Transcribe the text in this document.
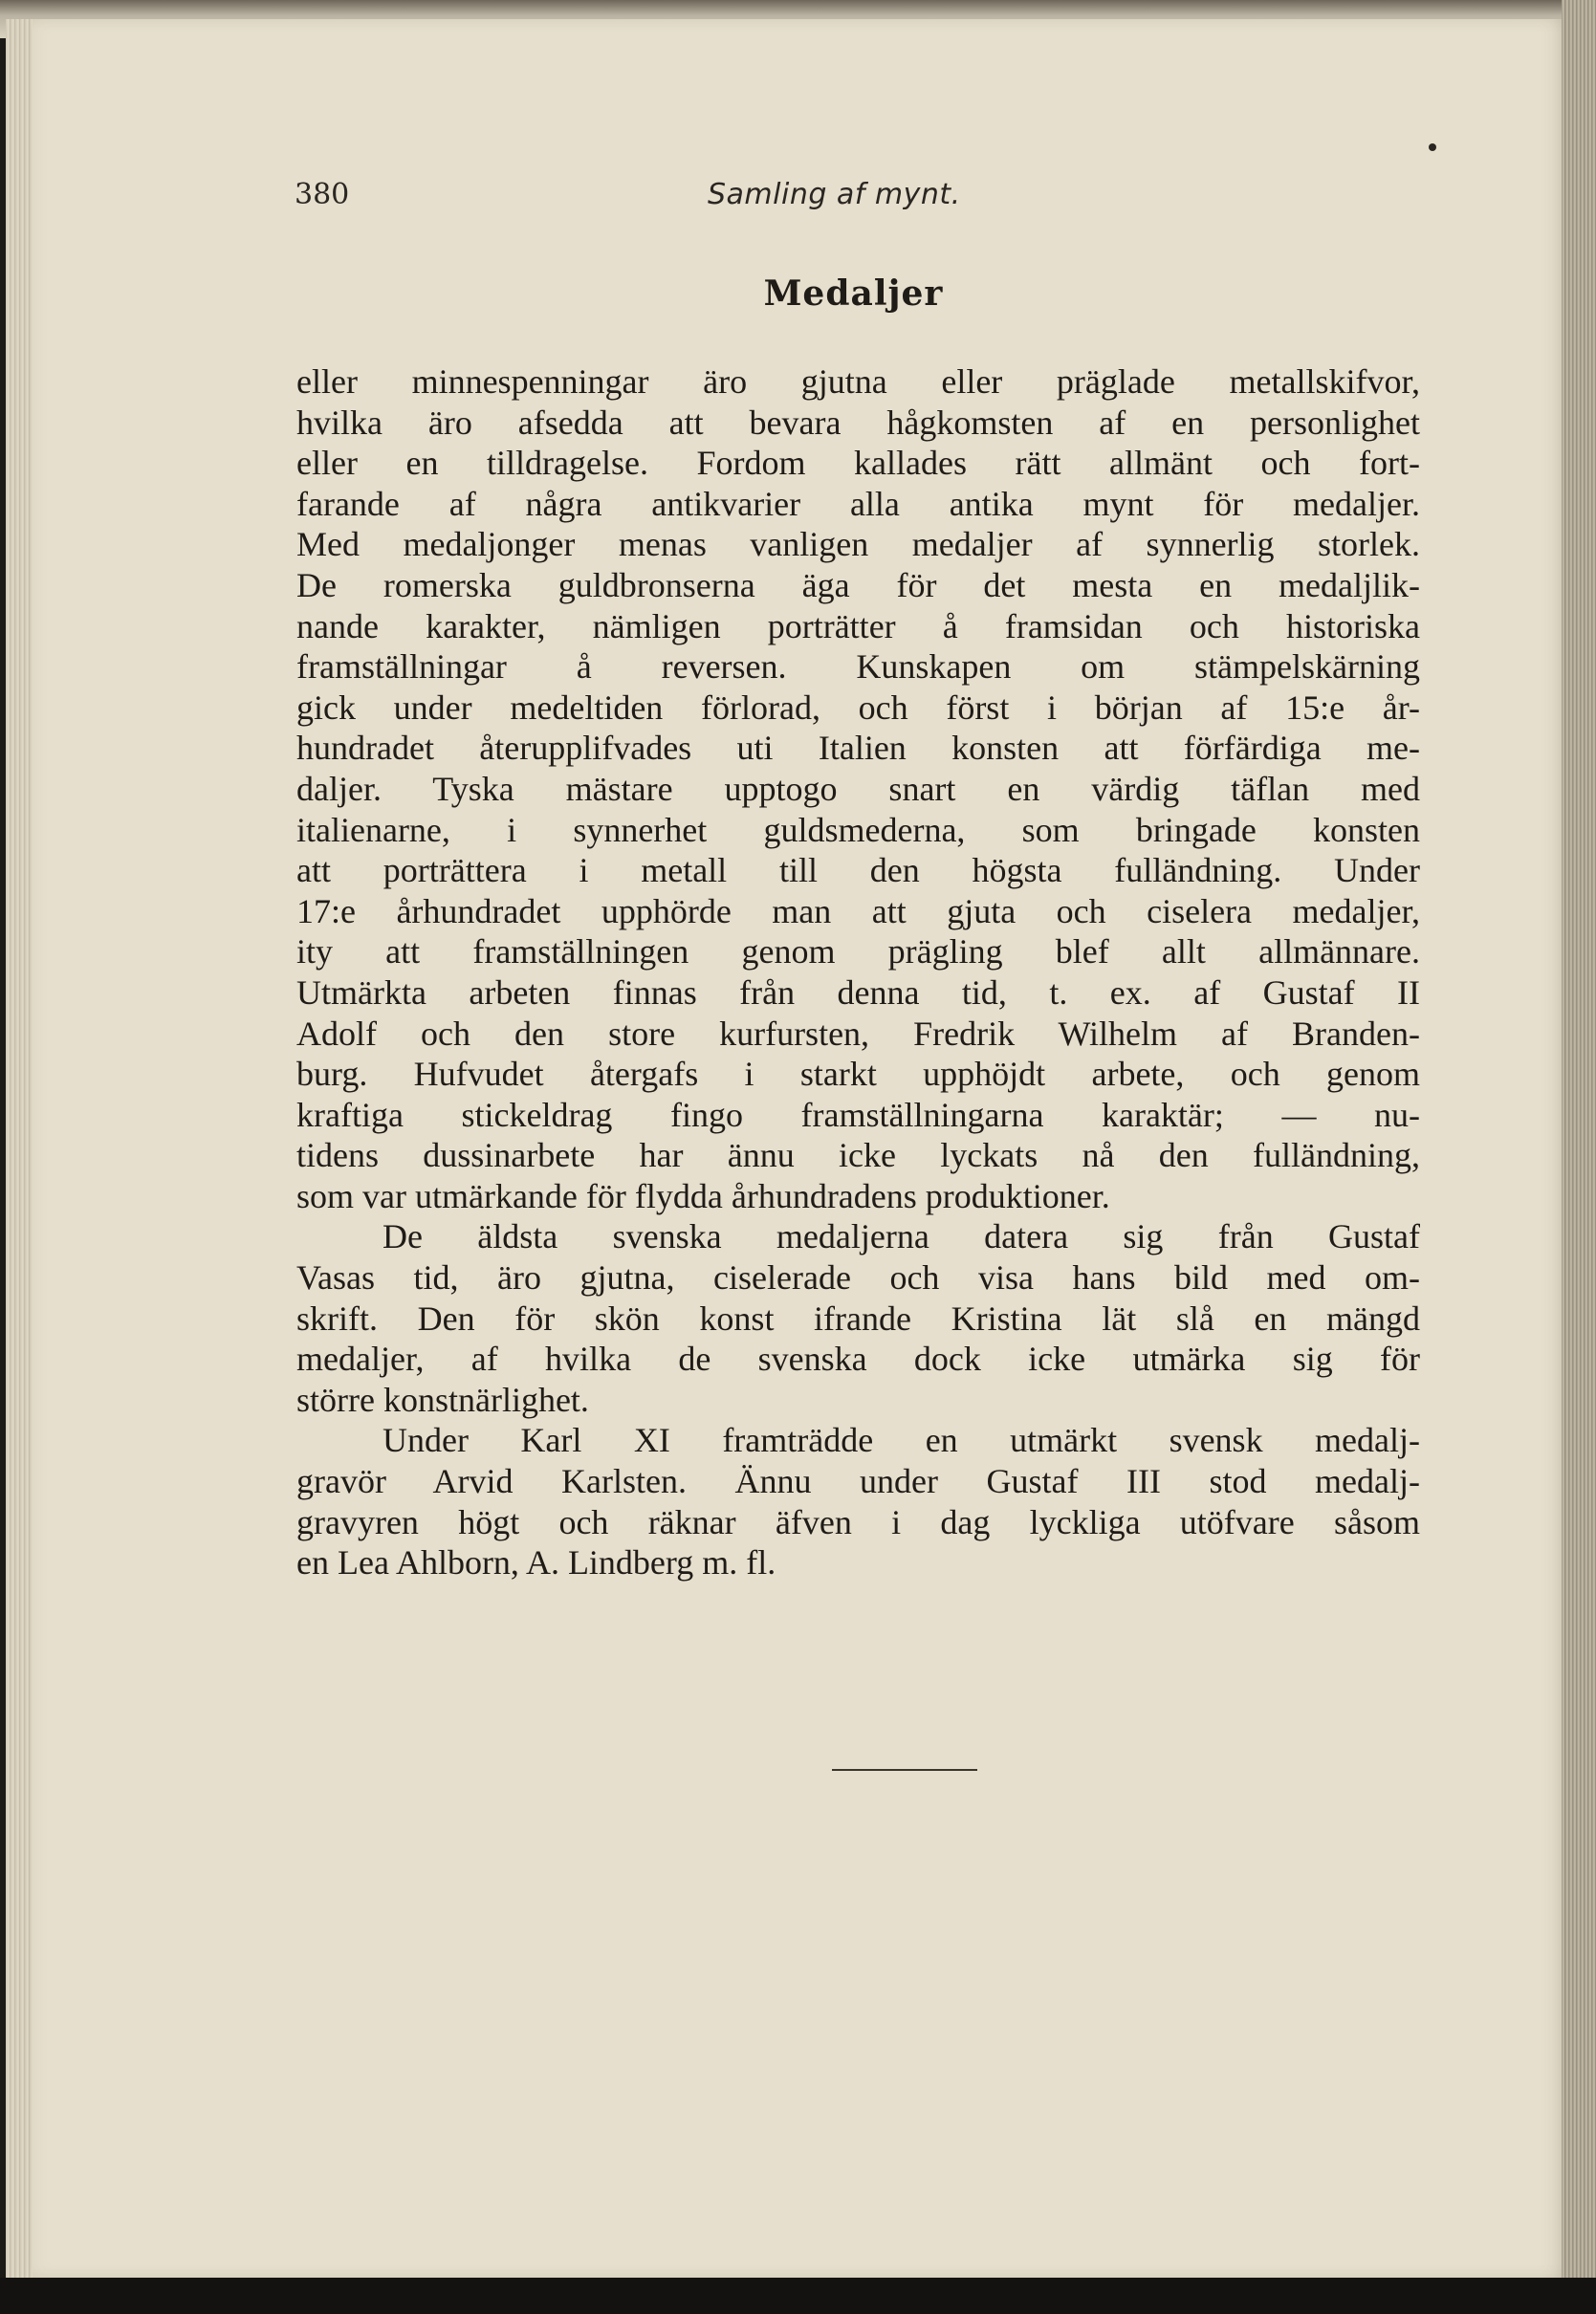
380	Samling af mynt.
Medaljer
eller minnespenningar äro gjutna eller präglade metallskifvor,
hvilka äro afsedda att bevara hågkomsten af en personlighet
eller en tilldragelse. Fordom kallades rätt allmänt och fort-
farande af några antikvarier alla antika mynt för medaljer.
Med medaljonger menas vanligen medaljer af synnerlig storlek.
De romerska guldbronserna äga för det mesta en medaljlik-
nande karakter, nämligen porträtter å framsidan och historiska
framställningar å reversen. Kunskapen om stämpelskärning
gick under medeltiden förlorad, och först i början af 15:e år-
hundradet återupplifvades uti Italien konsten att förfärdiga me-
daljer. Tyska mästare upptogo snart en värdig täflan med
italienarne, i synnerhet guldsmederna, som bringade konsten
att porträttera i metall till den högsta fulländning. Under
17:e århundradet upphörde man att gjuta och ciselera medaljer,
ity att framställningen genom prägling blef allt allmännare.
Utmärkta arbeten finnas från denna tid, t. ex. af Gustaf II
Adolf och den store kurfursten, Fredrik Wilhelm af Branden-
burg. Hufvudet återgafs i starkt upphöjdt arbete, och genom
kraftiga stickeldrag fingo framställningarna karaktär; — nu-
tidens dussinarbete har ännu icke lyckats nå den fulländning,
som var utmärkande för flydda århundradens produktioner.
De äldsta svenska medaljerna datera sig från Gustaf
Vasas tid, äro gjutna, ciselerade och visa hans bild med om-
skrift. Den för skön konst ifrande Kristina lät slå en mängd
medaljer, af hvilka de svenska dock icke utmärka sig för
större konstnärlighet.
Under Karl XI framträdde en utmärkt svensk medalj-
gravör Arvid Karlsten. Ännu under Gustaf III stod medalj-
gravyren högt och räknar äfven i dag lyckliga utöfvare såsom
en Lea Ahlborn, A. Lindberg m. fl.
